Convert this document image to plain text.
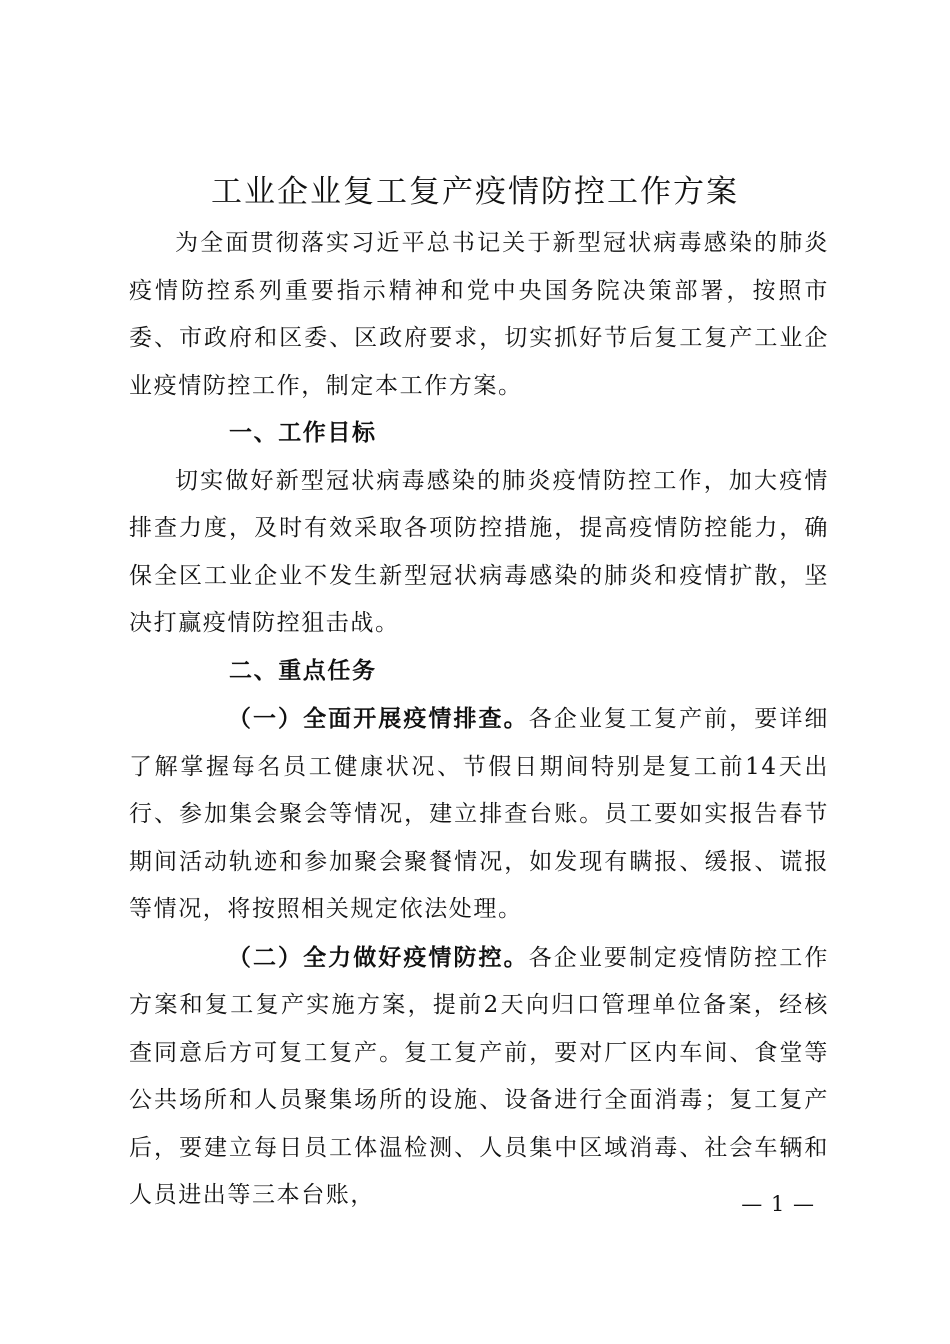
工业企业复工复产疫情防控工作方案

为全面贯彻落实习近平总书记关于新型冠状病毒感染的肺炎疫情防控系列重要指示精神和党中央国务院决策部署，按照市委、市政府和区委、区政府要求，切实抓好节后复工复产工业企业疫情防控工作，制定本工作方案。

一、工作目标

切实做好新型冠状病毒感染的肺炎疫情防控工作，加大疫情排查力度，及时有效采取各项防控措施，提高疫情防控能力，确保全区工业企业不发生新型冠状病毒感染的肺炎和疫情扩散，坚决打赢疫情防控狙击战。

二、重点任务

（一）全面开展疫情排查。各企业复工复产前，要详细了解掌握每名员工健康状况、节假日期间特别是复工前14天出行、参加集会聚会等情况，建立排查台账。员工要如实报告春节期间活动轨迹和参加聚会聚餐情况，如发现有瞒报、缓报、谎报等情况，将按照相关规定依法处理。

（二）全力做好疫情防控。各企业要制定疫情防控工作方案和复工复产实施方案，提前2天向归口管理单位备案，经核查同意后方可复工复产。复工复产前，要对厂区内车间、食堂等公共场所和人员聚集场所的设施、设备进行全面消毒；复工复产后，要建立每日员工体温检测、人员集中区域消毒、社会车辆和人员进出等三本台账，	— 1 —
